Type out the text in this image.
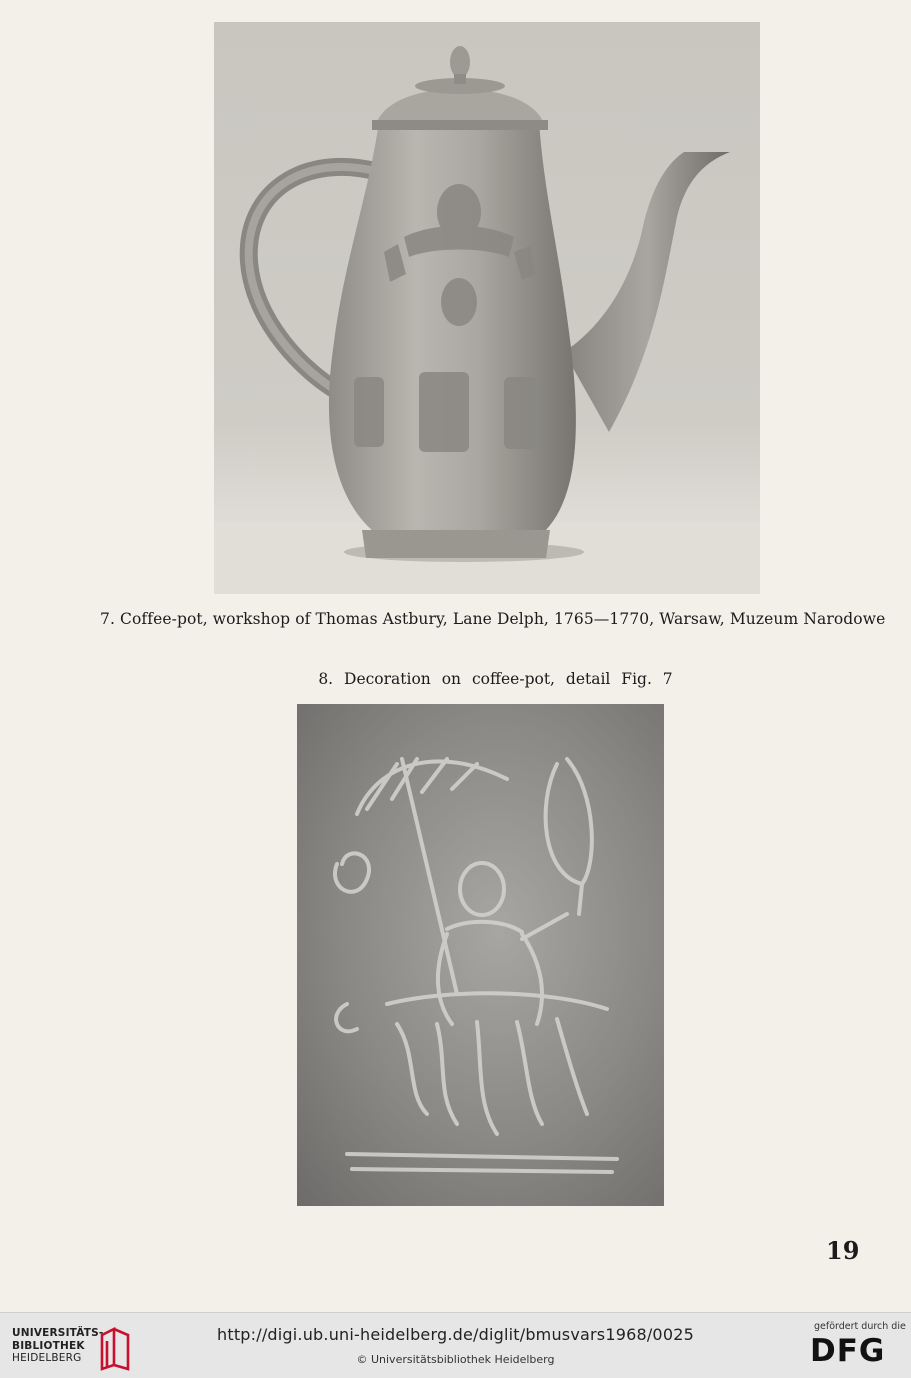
7. Coffee-pot, workshop of Thomas Astbury, Lane Delph, 1765—1770, Warsaw, Muzeum Narodowe
8. Decoration on coffee-pot, detail Fig. 7
19
UNIVERSITÄTS-
BIBLIOTHEK
HEIDELBERG
http://digi.ub.uni-heidelberg.de/diglit/bmusvars1968/0025
© Universitätsbibliothek Heidelberg
gefördert durch die
DFG
